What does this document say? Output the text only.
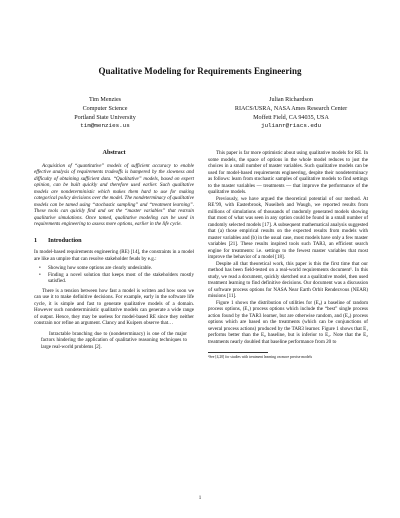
Qualitative Modeling for Requirements Engineering
Tim Menzies
Computer Science
Portland State University
tim@menzies.us
Julian Richardson
RIACS/USRA, NASA Ames Research Center
Moffett Field, CA 94035, USA
julianr@riacs.edu
Abstract

Acquisition of “quantitative” models of sufficient accuracy to enable effective analysis of requirements tradeoffs is hampered by the slowness and difficulty of obtaining sufficient data. “Qualitative” models, based on expert opinion, can be built quickly and therefore used earlier. Such qualitative models are nondeterministic which makes them hard to use for making categorical policy decisions over the model. The nondeterminacy of qualitative models can be tamed using “stochastic sampling” and “treatment learning”. These tools can quickly find and set the “master variables” that restrain qualitative simulations. Once tamed, qualitative modeling can be used in requirements engineering to assess more options, earlier in the life cycle.

1 Introduction

In model-based requirements engineering (RE) [14], the constraints in a model are like an umpire that can resolve stakeholder feuds by e.g.:

• Showing how some options are clearly undesirable.
• Finding a novel solution that keeps most of the stakeholders mostly satisfied.

There is a tension between how fast a model is written and how soon we can use it to make definitive decisions. For example, early in the software life cycle, it is simple and fast to generate qualitative models of a domain. However such nondeterministic qualitative models can generate a wide range of output. Hence, they may be useless for model-based RE since they neither constrain nor refine an argument. Clancy and Kuipers observe that…

Intractable branching due to (nondeterminacy) is one of the major factors hindering the application of qualitative reasoning techniques to large real-world problems [2].

This paper is far more optimistic about using qualitative models for RE. In some models, the space of options in the whole model reduces to just the choices in a small number of master variables. Such qualitative models can be used for model-based requirements engineering, despite their nondeterminacy as follows: learn from stochastic samples of qualitative models to find settings to the master variables — treatments — that improve the performance of the qualitative models.

Previously, we have argued the theoretical potential of our method. At RE’99, with Easterbrook, Nuseibeh and Waugh, we reported results from millions of simulations of thousands of randomly generated models showing that most of what was seen in any option could be found in a small number of randomly selected models [17]. A subsequent mathematical analysis suggested that (a) those empirical results on the expected results from models with master variables and (b) in the usual case, most models have only a few master variables [21]. These results inspired tools such TAR3, an efficient search engine for treatments: i.e. settings to the fewest master variables that most improve the behavior of a model [18].

Despite all that theoretical work, this paper is this the first time that our method has been field-tested on a real-world requirements document¹. In this study, we read a document, quickly sketched out a qualitative model, then used treatment learning to find definitive decisions. Our document was a discussion of software process options for NASA Near Earth Orbit Rendezvous (NEAR) missions [11].

Figure 1 shows the distribution of utilities for (E₀) a baseline of random process options, (E₁) process options which include the “best” single process action found by the TAR3 learner, but are otherwise random, and (E₂) process options which are based on the treatments (which can be conjunctions of several process actions) produced by the TAR3 learner. Figure 1 shows that E₁ performs better than the E₀ baseline, but is inferior to E₂. Note that the E₂ treatments nearly doubled that baseline performance from 20 to

¹See [4,20] for studies with treatment learning on more precise models

1
